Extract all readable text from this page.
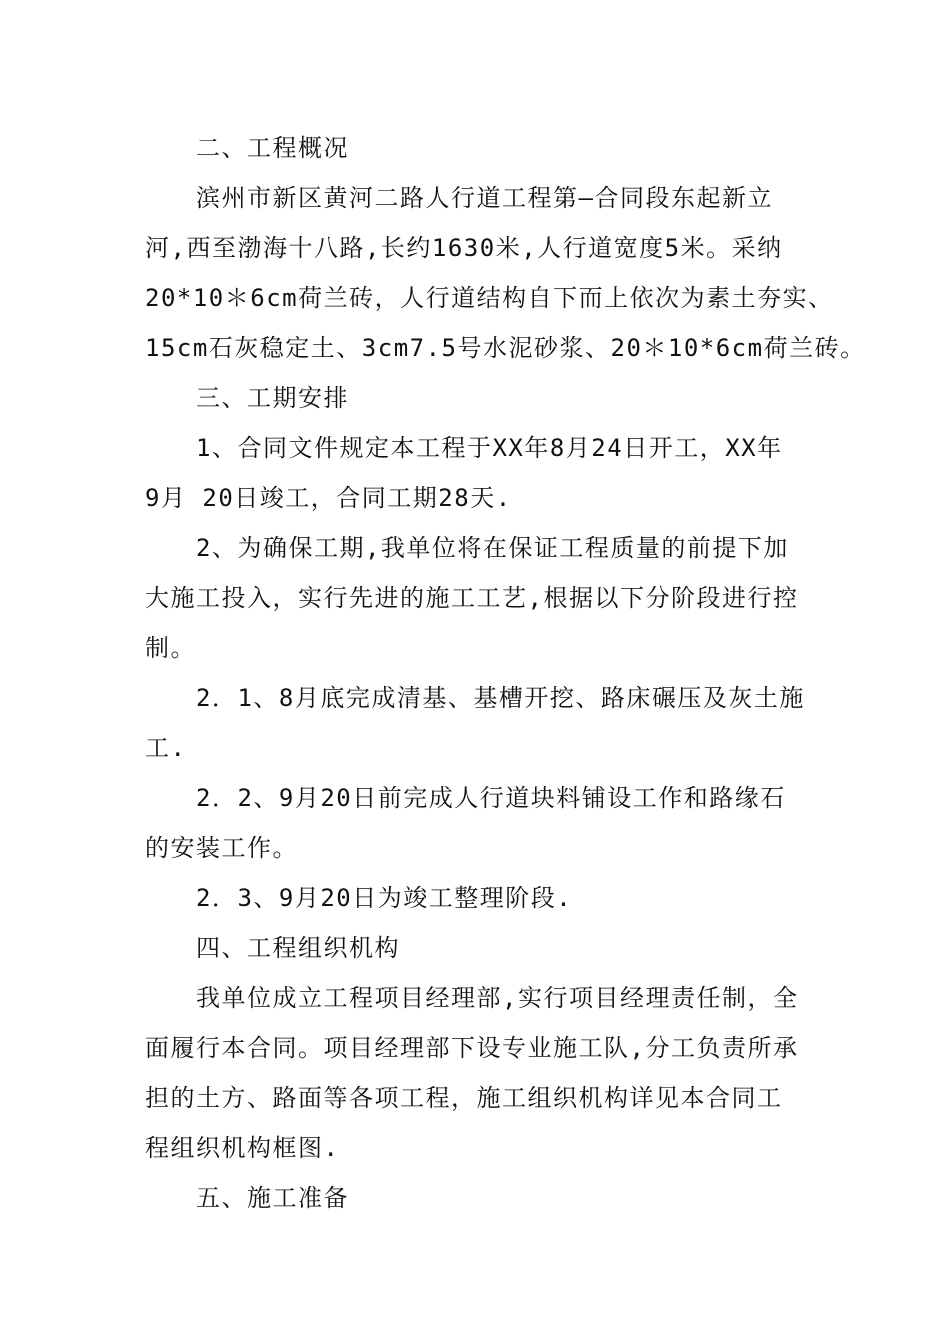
二、工程概况
滨州市新区黄河二路人行道工程第—合同段东起新立
河,西至渤海十八路,长约1630米,人行道宽度5米。采纳
20*10＊6cm荷兰砖，人行道结构自下而上依次为素土夯实、
15cm石灰稳定土、3cm7.5号水泥砂浆、20＊10*6cm荷兰砖。
三、工期安排
1、合同文件规定本工程于XX年8月24日开工，XX年
9月 20日竣工，合同工期28天.
2、为确保工期,我单位将在保证工程质量的前提下加
大施工投入，实行先进的施工工艺,根据以下分阶段进行控
制。
2．1、8月底完成清基、基槽开挖、路床碾压及灰土施
工.
2．2、9月20日前完成人行道块料铺设工作和路缘石
的安装工作。
2．3、9月20日为竣工整理阶段.
四、工程组织机构
我单位成立工程项目经理部,实行项目经理责任制，全
面履行本合同。项目经理部下设专业施工队,分工负责所承
担的土方、路面等各项工程，施工组织机构详见本合同工
程组织机构框图.
五、施工准备
